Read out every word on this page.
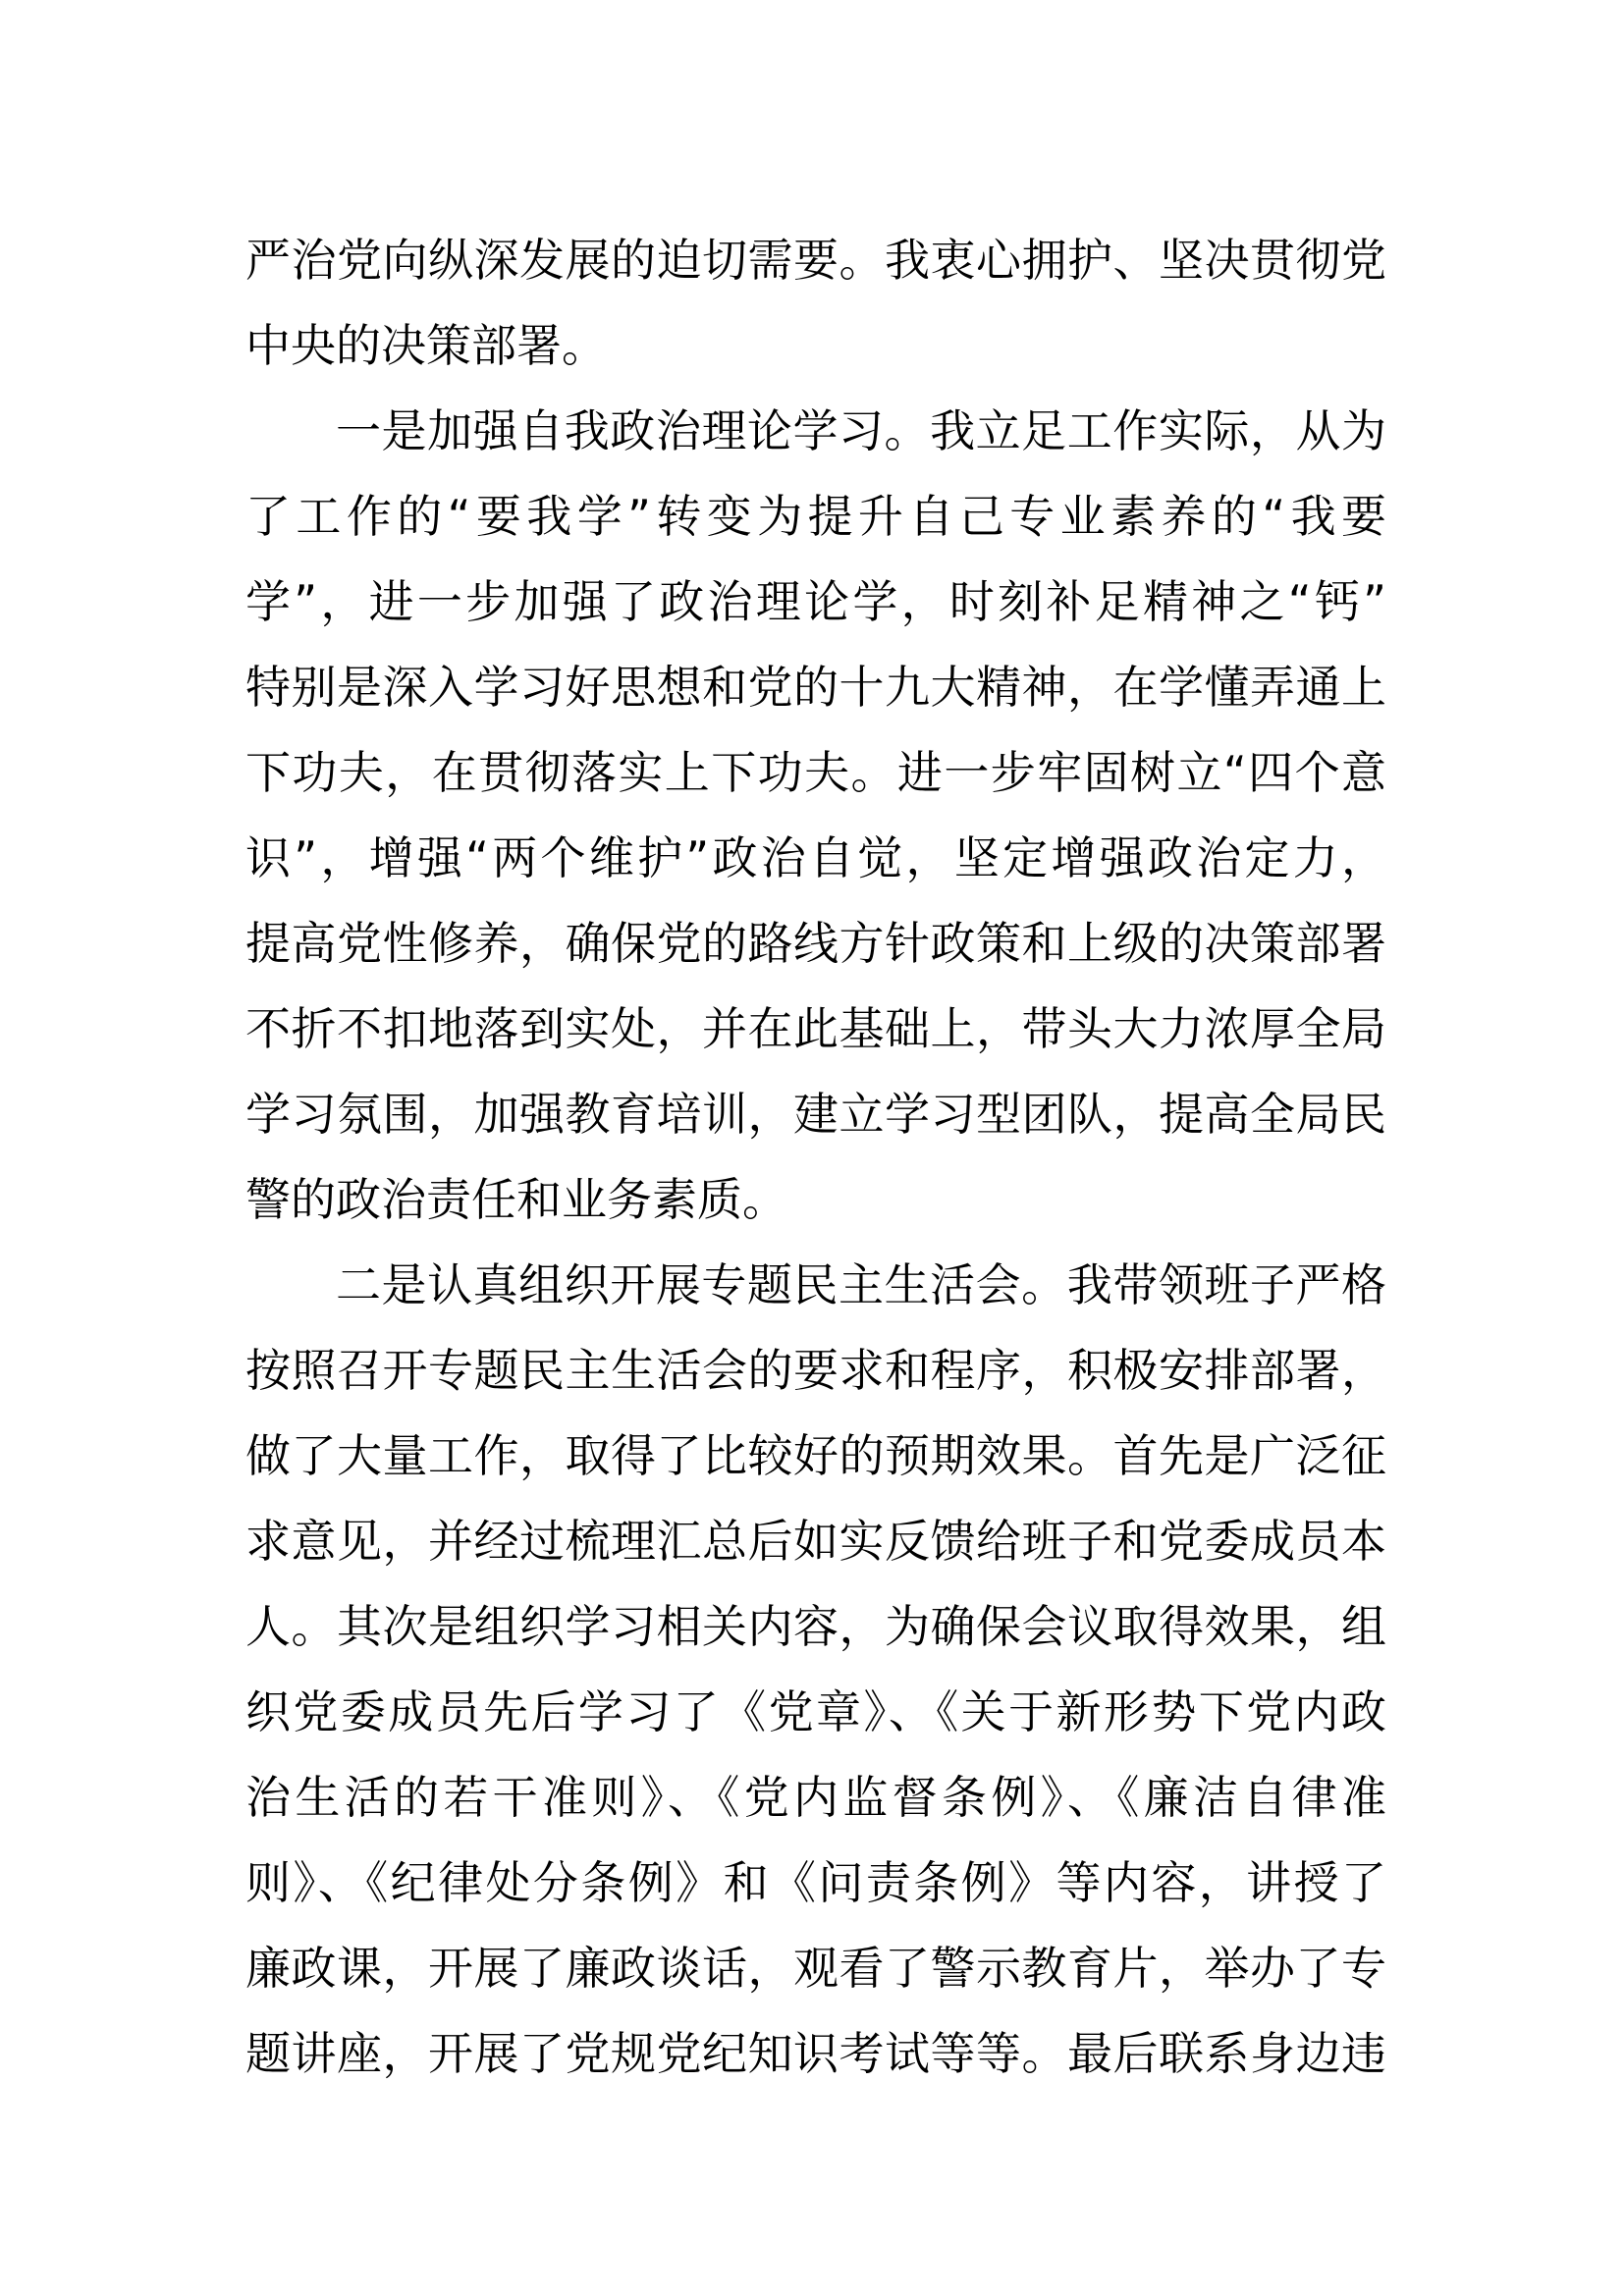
严治党向纵深发展的迫切需要。我衷心拥护、坚决贯彻党
中央的决策部署。
一是加强自我政治理论学习。我立足工作实际，从为
了工作的“要我学”转变为提升自己专业素养的“我要
学”，进一步加强了政治理论学，时刻补足精神之“钙”
特别是深入学习好思想和党的十九大精神，在学懂弄通上
下功夫，在贯彻落实上下功夫。进一步牢固树立“四个意
识”，增强“两个维护”政治自觉，坚定增强政治定力，
提高党性修养，确保党的路线方针政策和上级的决策部署
不折不扣地落到实处，并在此基础上，带头大力浓厚全局
学习氛围，加强教育培训，建立学习型团队，提高全局民
警的政治责任和业务素质。
二是认真组织开展专题民主生活会。我带领班子严格
按照召开专题民主生活会的要求和程序，积极安排部署，
做了大量工作，取得了比较好的预期效果。首先是广泛征
求意见，并经过梳理汇总后如实反馈给班子和党委成员本
人。其次是组织学习相关内容，为确保会议取得效果，组
织党委成员先后学习了《党章》、《关于新形势下党内政
治生活的若干准则》、《党内监督条例》、《廉洁自律准
则》、《纪律处分条例》和《问责条例》等内容，讲授了
廉政课，开展了廉政谈话，观看了警示教育片，举办了专
题讲座，开展了党规党纪知识考试等等。最后联系身边违
